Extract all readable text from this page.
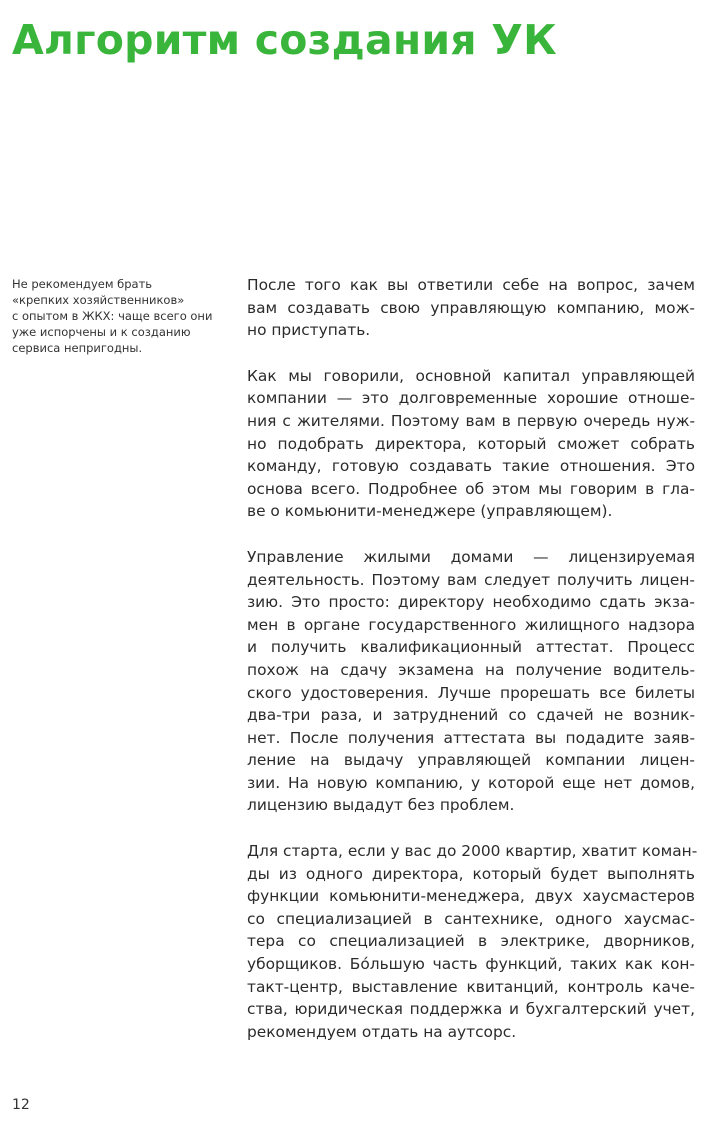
Алгоритм создания УК
Не рекомендуем брать
«крепких хозяйственников»
с опытом в ЖКХ: чаще всего они
уже испорчены и к созданию
сервиса непригодны.

После того как вы ответили себе на вопрос, зачем
вам создавать свою управляющую компанию, мож-
но приступать.

Как мы говорили, основной капитал управляющей
компании — это долговременные хорошие отноше-
ния с жителями. Поэтому вам в первую очередь нуж-
но подобрать директора, который сможет собрать
команду, готовую создавать такие отношения. Это
основа всего. Подробнее об этом мы говорим в гла-
ве о комьюнити-менеджере (управляющем).

Управление жилыми домами — лицензируемая
деятельность. Поэтому вам следует получить лицен-
зию. Это просто: директору необходимо сдать экза-
мен в органе государственного жилищного надзора
и получить квалификационный аттестат. Процесс
похож на сдачу экзамена на получение водитель-
ского удостоверения. Лучше прорешать все билеты
два-три раза, и затруднений со сдачей не возник-
нет. После получения аттестата вы подадите заяв-
ление на выдачу управляющей компании лицен-
зии. На новую компанию, у которой еще нет домов,
лицензию выдадут без проблем.

Для старта, если у вас до 2000 квартир, хватит коман-
ды из одного директора, который будет выполнять
функции комьюнити-менеджера, двух хаусмастеров
со специализацией в сантехнике, одного хаусмас-
тера со специализацией в электрике, дворников,
уборщиков. Бóльшую часть функций, таких как кон-
такт-центр, выставление квитанций, контроль каче-
ства, юридическая поддержка и бухгалтерский учет,
рекомендуем отдать на аутсорс.

12
